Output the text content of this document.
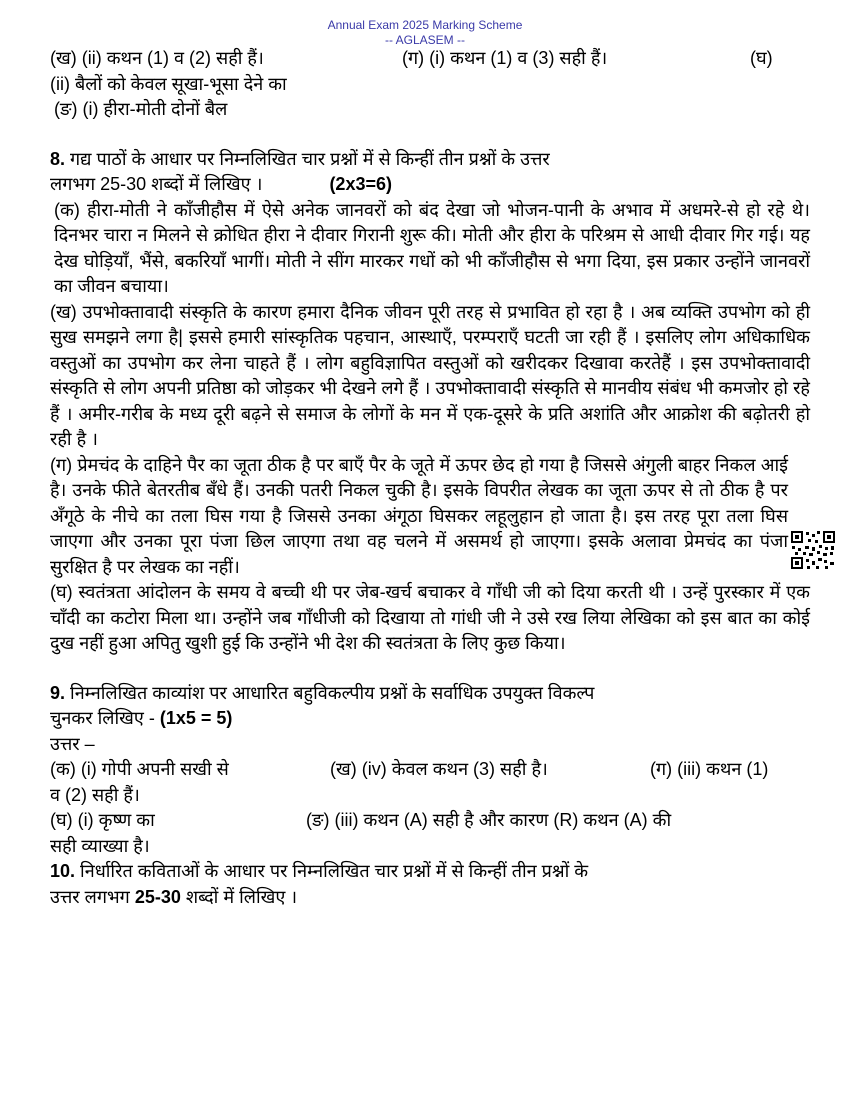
Annual Exam 2025 Marking Scheme
-- AGLASEM --
(ख) (ii) कथन (1) व (2) सही हैं।	(ग) (i) कथन (1) व (3) सही हैं।	(घ)
(ii) बैलों को केवल सूखा-भूसा देने का
(ङ) (i) हीरा-मोती दोनों बैल
8. गद्य पाठों के आधार पर निम्नलिखित चार प्रश्नों में से किन्हीं तीन प्रश्नों के उत्तर
लगभग 25-30 शब्दों में लिखिए ।	(2x3=6)
(क) हीरा-मोती ने काँजीहौस में ऐसे अनेक जानवरों को बंद देखा जो भोजन-पानी के अभाव में अधमरे-से हो रहे थे। दिनभर चारा न मिलने से क्रोधित हीरा ने दीवार गिरानी शुरू की। मोती और हीरा के परिश्रम से आधी दीवार गिर गई। यह देख घोड़ियाँ, भैंसे, बकरियाँ भागीं। मोती ने सींग मारकर गधों को भी काँजीहौस से भगा दिया, इस प्रकार उन्होंने जानवरों का जीवन बचाया।
(ख) उपभोक्तावादी संस्कृति के कारण हमारा दैनिक जीवन पूरी तरह से प्रभावित हो रहा है । अब व्यक्ति उपभोग को ही सुख समझने लगा है| इससे हमारी सांस्कृतिक पहचान, आस्थाएँ, परम्पराएँ घटती जा रही हैं । इसलिए लोग अधिकाधिक वस्तुओं का उपभोग कर लेना चाहते हैं । लोग बहुविज्ञापित वस्तुओं को खरीदकर दिखावा करतेहैं । इस उपभोक्तावादी संस्कृति से लोग अपनी प्रतिष्ठा को जोड़कर भी देखने लगे हैं । उपभोक्तावादी संस्कृति से मानवीय संबंध भी कमजोर हो रहे हैं । अमीर-गरीब के मध्य दूरी बढ़ने से समाज के लोगों के मन में एक-दूसरे के प्रति अशांति और आक्रोश की बढ़ोतरी हो रही है ।
(ग) प्रेमचंद के दाहिने पैर का जूता ठीक है पर बाएँ पैर के जूते में ऊपर छेद हो गया है जिससे अंगुली बाहर निकल आई है। उनके फीते बेतरतीब बँधे हैं। उनकी पतरी निकल चुकी है। इसके विपरीत लेखक का जूता ऊपर से तो ठीक है पर अँगूठे के नीचे का तला घिस गया है जिससे उनका अंगूठा घिसकर लहूलुहान हो जाता है। इस तरह पूरा तला घिस जाएगा और उनका पूरा पंजा छिल जाएगा तथा वह चलने में असमर्थ हो जाएगा। इसके अलावा प्रेमचंद का पंजा सुरक्षित है पर लेखक का नहीं।
(घ) स्वतंत्रता आंदोलन के समय वे बच्ची थी पर जेब-खर्च बचाकर वे गाँधी जी को दिया करती थी । उन्हें पुरस्कार में एक चाँदी का कटोरा मिला था। उन्होंने जब गाँधीजी को दिखाया तो गांधी जी ने उसे रख लिया लेखिका को इस बात का कोई दुख नहीं हुआ अपितु खुशी हुई कि उन्होंने भी देश की स्वतंत्रता के लिए कुछ किया।
9. निम्नलिखित काव्यांश पर आधारित बहुविकल्पीय प्रश्नों के सर्वाधिक उपयुक्त विकल्प
चुनकर लिखिए - (1x5 = 5)
उत्तर –
(क) (i) गोपी अपनी सखी से	(ख) (iv) केवल कथन (3) सही है।	(ग) (iii) कथन (1)
व (2) सही हैं।
(घ) (i) कृष्ण का	(ङ) (iii) कथन (A) सही है और कारण (R) कथन (A) की
सही व्याख्या है।
10. निर्धारित कविताओं के आधार पर निम्नलिखित चार प्रश्नों में से किन्हीं तीन प्रश्नों के
उत्तर लगभग 25-30 शब्दों में लिखिए ।
